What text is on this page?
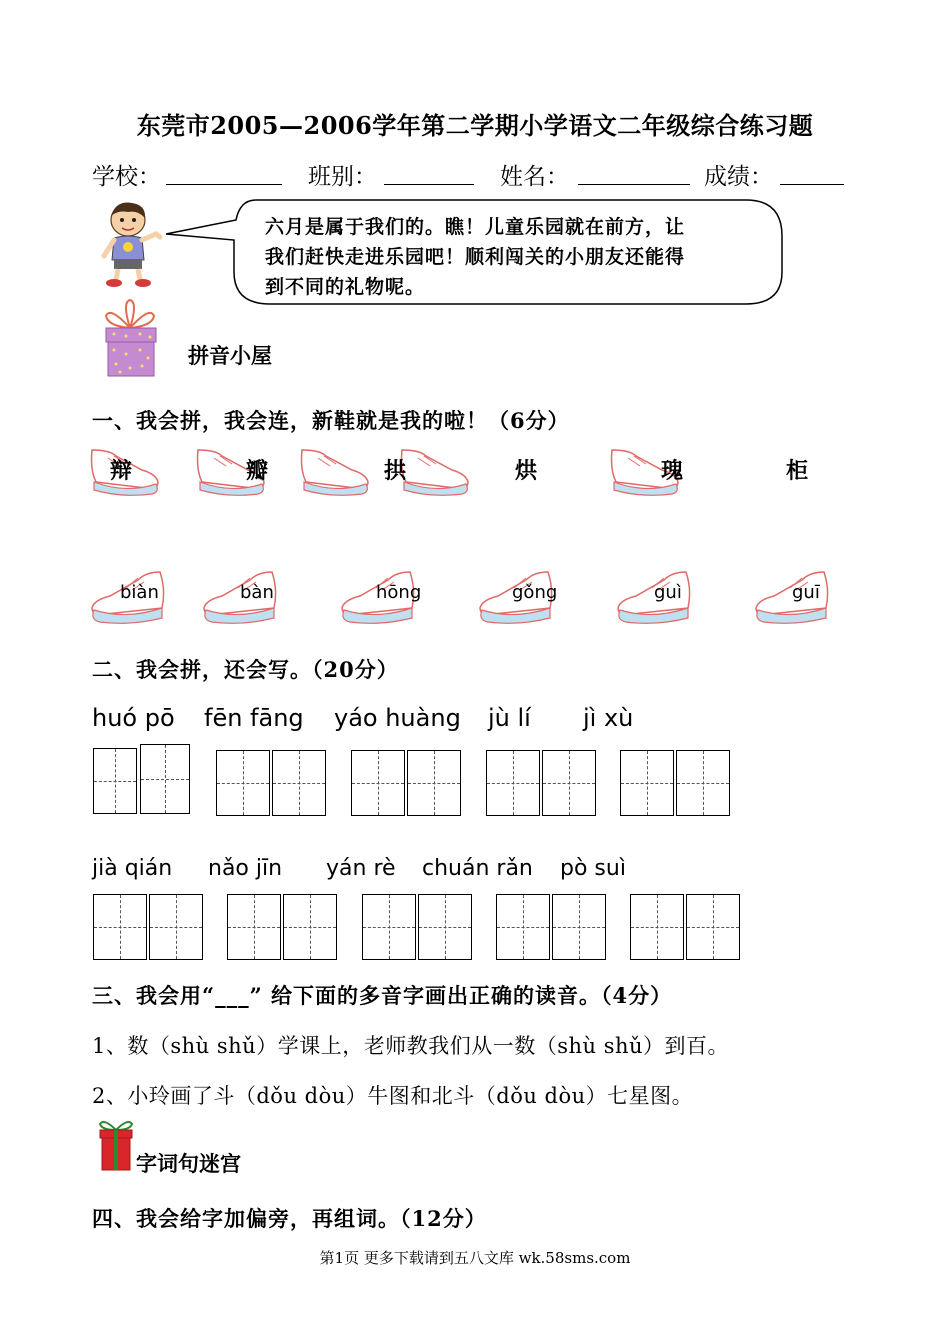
东莞市2005—2006学年第二学期小学语文二年级综合练习题
学校：	班别：	姓名：	成绩：
六月是属于我们的。瞧！儿童乐园就在前方，让
我们赶快走进乐园吧！顺利闯关的小朋友还能得
到不同的礼物呢。
拼音小屋
一、我会拼，我会连，新鞋就是我的啦！（6分）
辩	瓣	拱	烘	瑰	柜
biàn	bàn	hōng	gǒng	guì	guī
二、我会拼，还会写。（20分）
huó pō fēn fāng yáo huàng jù lí jì xù
jià qián nǎo jīn yán rè chuán rǎn pò suì
三、我会用“___” 给下面的多音字画出正确的读音。（4分）
1、数（shù shǔ）学课上，老师教我们从一数（shù shǔ）到百。
2、小玲画了斗（dǒu dòu）牛图和北斗（dǒu dòu）七星图。
字词句迷宫
四、我会给字加偏旁，再组词。（12分）
第1页 更多下载请到五八文库 wk.58sms.com
